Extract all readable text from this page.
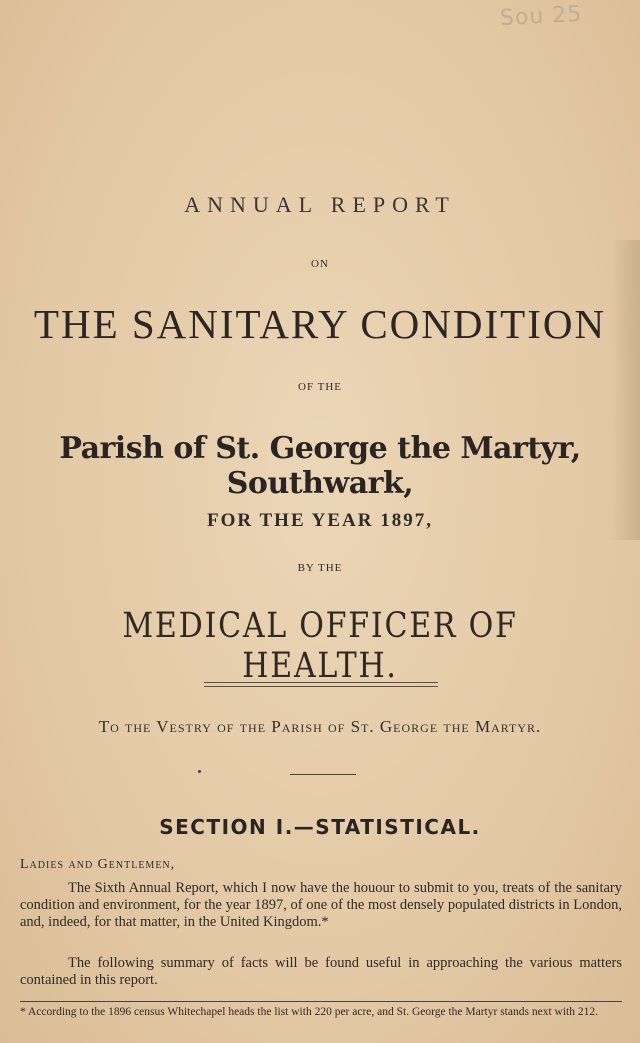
Sou 25

ANNUAL REPORT

ON

THE SANITARY CONDITION

OF THE

Parish of St. George the Martyr, Southwark,

FOR THE YEAR 1897,

BY THE

MEDICAL OFFICER OF HEALTH.

To the Vestry of the Parish of St. George the Martyr.

SECTION I.—STATISTICAL.

Ladies and Gentlemen,

The Sixth Annual Report, which I now have the houour to submit to you, treats of the sanitary condition and environment, for the year 1897, of one of the most densely populated districts in London, and, indeed, for that matter, in the United Kingdom.*

The following summary of facts will be found useful in approaching the various matters contained in this report.

* According to the 1896 census Whitechapel heads the list with 220 per acre, and St. George the Martyr stands next with 212.
